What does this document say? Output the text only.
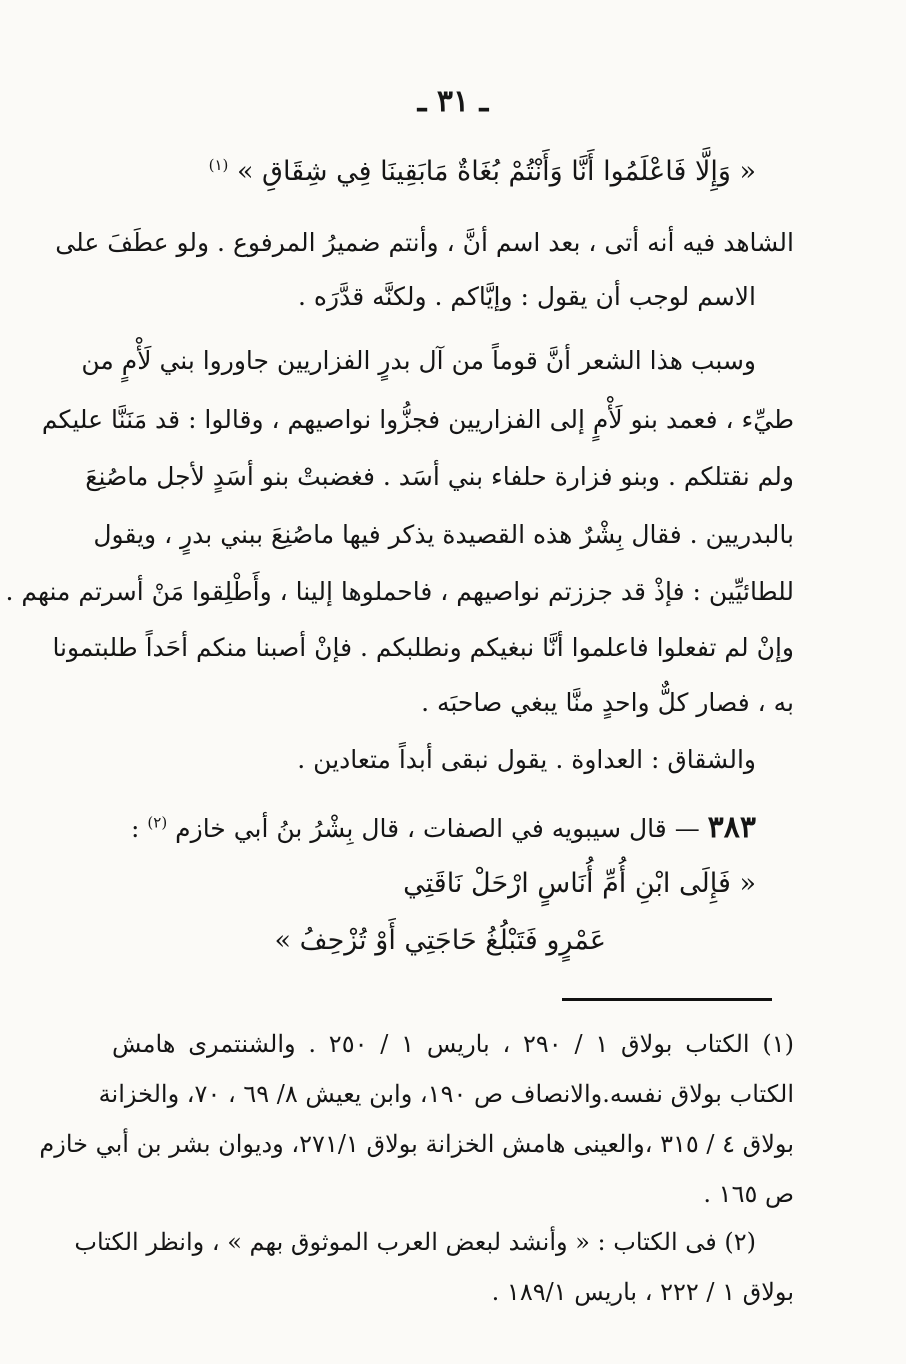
ـ ٣١ ـ
« وَإِلَّا فَاعْلَمُوا أَنَّا وَأَنْتُمْ بُغَاةٌ مَابَقِينَا فِي شِقَاقِ » $^{(١)}$
الشاهد فيه أنه أتى ، بعد اسم أنَّ ، وأنتم ضميرُ المرفوع . ولو عطَفَ على
الاسم لوجب أن يقول : وإيَّاكم . ولكنَّه قدَّرَه .
وسبب هذا الشعر أنَّ قوماً من آل بدرٍ الفزاريين جاوروا بني لَأْمٍ من
طيِّء ، فعمد بنو لَأْمٍ إلى الفزاريين فجزُّوا نواصيهم ، وقالوا : قد مَنَنَّا عليكم
ولم نقتلكم . وبنو فزارة حلفاء بني أسَد . فغضبتْ بنو أسَدٍ لأجل ماصُنِعَ
بالبدريين . فقال بِشْرٌ هذه القصيدة يذكر فيها ماصُنِعَ ببني بدرٍ ، ويقول
للطائيِّين : فإذْ قد جززتم نواصيهم ، فاحملوها إلينا ، وأَطْلِقوا مَنْ أسرتم منهم .
وإنْ لم تفعلوا فاعلموا أنَّا نبغيكم ونطلبكم . فإنْ أصبنا منكم أحَداً طلبتمونا
به ، فصار كلٌّ واحدٍ منَّا يبغي صاحبَه .
والشقاق : العداوة . يقول نبقى أبداً متعادين .
٣٨٣ — قال سيبويه في الصفات ، قال بِشْرُ بنُ أبي خازم $^{(٢)}$ :
« فَإِلَى ابْنِ أُمِّ أُنَاسٍ ارْحَلْ نَاقَتِي
عَمْرٍو فَتَبْلُغُ حَاجَتِي أَوْ تُزْحِفُ »
(١) الكتاب بولاق ١ / ٢٩٠ ، باريس ١ / ٢٥٠ . والشنتمرى هامش
الكتاب بولاق نفسه.والانصاف ص ١٩٠، وابن يعيش ٨/ ٦٩ ، ٧٠، والخزانة
بولاق ٤ / ٣١٥ ،والعينى هامش الخزانة بولاق ٢٧١/١، وديوان بشر بن أبي خازم
ص ١٦٥ .
(٢) فى الكتاب : « وأنشد لبعض العرب الموثوق بهم » ، وانظر الكتاب
بولاق ١ / ٢٢٢ ، باريس ١٨٩/١ .
